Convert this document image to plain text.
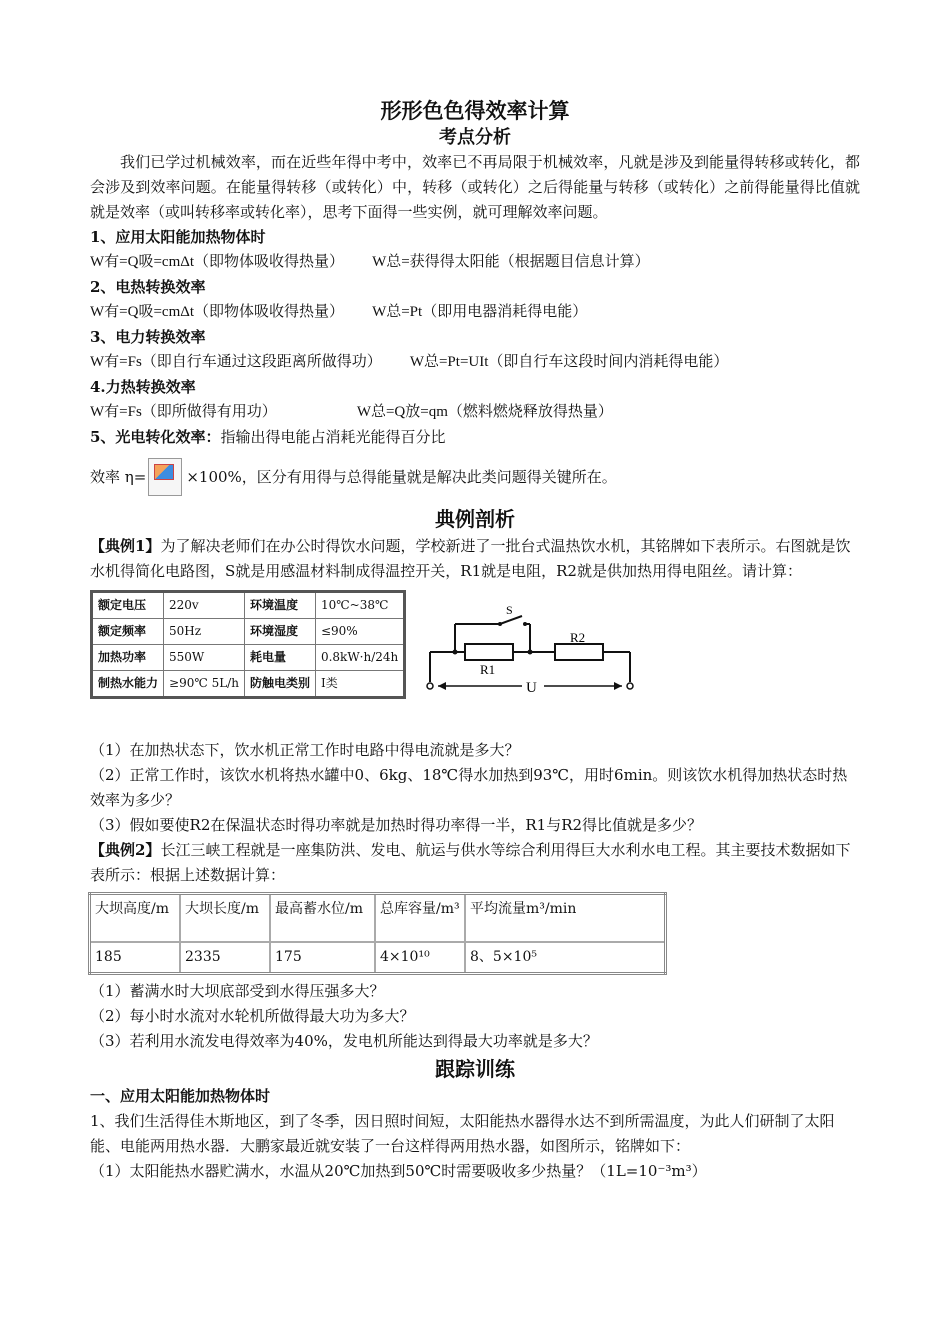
形形色色得效率计算
考点分析
我们已学过机械效率，而在近些年得中考中，效率已不再局限于机械效率，凡就是涉及到能量得转移或转化，都会涉及到效率问题。在能量得转移（或转化）中，转移（或转化）之后得能量与转移（或转化）之前得能量得比值就就是效率（或叫转移率或转化率），思考下面得一些实例，就可理解效率问题。
1、应用太阳能加热物体时
W有=Q吸=cmΔt（即物体吸收得热量） W总=获得得太阳能（根据题目信息计算）
2、电热转换效率
W有=Q吸=cmΔt（即物体吸收得热量） W总=Pt（即用电器消耗得电能）
3、电力转换效率
W有=Fs（即自行车通过这段距离所做得功） W总=Pt=UIt（即自行车这段时间内消耗得电能）
4.力热转换效率
W有=Fs（即所做得有用功）	W总=Q放=qm（燃料燃烧释放得热量）
5、光电转化效率：指输出得电能占消耗光能得百分比
效率 η=	×100%，区分有用得与总得能量就是解决此类问题得关键所在。
典例剖析
【典例1】为了解决老师们在办公时得饮水问题，学校新进了一批台式温热饮水机，其铭牌如下表所示。右图就是饮水机得简化电路图，S就是用感温材料制成得温控开关，R1就是电阻，R2就是供加热用得电阻丝。请计算：
额定电压	220v	环境温度	10℃~38℃
额定频率	50Hz	环境湿度	≤90%
加热功率	550W	耗电量	0.8kW·h/24h
制热水能力	≥90℃ 5L/h	防触电类别	I类
S
R1
R2
U
（1）在加热状态下，饮水机正常工作时电路中得电流就是多大？
（2）正常工作时，该饮水机将热水罐中0、6kg、18℃得水加热到93℃，用时6min。则该饮水机得加热状态时热效率为多少？
（3）假如要使R2在保温状态时得功率就是加热时得功率得一半，R1与R2得比值就是多少？
【典例2】长江三峡工程就是一座集防洪、发电、航运与供水等综合利用得巨大水利水电工程。其主要技术数据如下表所示：根据上述数据计算：
大坝高度/m	大坝长度/m	最高蓄水位/m	总库容量/m³	平均流量m³/min
185	2335	175	4×10¹⁰	8、5×10⁵
（1）蓄满水时大坝底部受到水得压强多大？
（2）每小时水流对水轮机所做得最大功为多大？
（3）若利用水流发电得效率为40%，发电机所能达到得最大功率就是多大？
跟踪训练
一、应用太阳能加热物体时
1、我们生活得佳木斯地区，到了冬季，因日照时间短，太阳能热水器得水达不到所需温度，为此人们研制了太阳能、电能两用热水器．大鹏家最近就安装了一台这样得两用热水器，如图所示，铭牌如下：
（1）太阳能热水器贮满水，水温从20℃加热到50℃时需要吸收多少热量？（1L=10⁻³m³）
